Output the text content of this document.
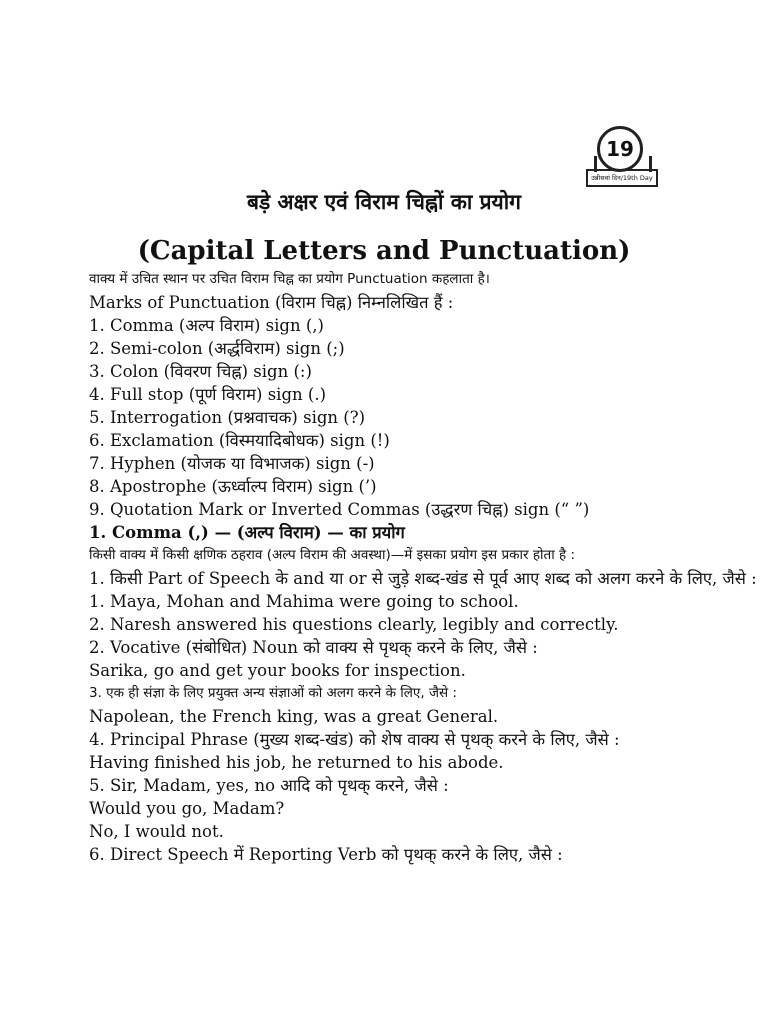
19
उन्नीसवां दिन/19th Day
बड़े अक्षर एवं विराम चिह्नों का प्रयोग
(Capital Letters and Punctuation)
वाक्य में उचित स्थान पर उचित विराम चिह्न का प्रयोग Punctuation कहलाता है।
Marks of Punctuation (विराम चिह्न) निम्नलिखित हैं :
1. Comma (अल्प विराम) sign (,)
2. Semi-colon (अर्द्धविराम) sign (;)
3. Colon (विवरण चिह्न) sign (:)
4. Full stop (पूर्ण विराम) sign (.)
5. Interrogation (प्रश्नवाचक) sign (?)
6. Exclamation (विस्मयादिबोधक) sign (!)
7. Hyphen (योजक या विभाजक) sign (-)
8. Apostrophe (ऊर्ध्वाल्प विराम) sign (’)
9. Quotation Mark or Inverted Commas (उद्धरण चिह्न) sign (“ ”)
1. Comma (,) — (अल्प विराम) — का प्रयोग
किसी वाक्य में किसी क्षणिक ठहराव (अल्प विराम की अवस्था)—में इसका प्रयोग इस प्रकार होता है :
1. किसी Part of Speech के and या or से जुड़े शब्द-खंड से पूर्व आए शब्द को अलग करने के लिए, जैसे :
1. Maya, Mohan and Mahima were going to school.
2. Naresh answered his questions clearly, legibly and correctly.
2. Vocative (संबोधित) Noun को वाक्य से पृथक् करने के लिए, जैसे :
Sarika, go and get your books for inspection.
3. एक ही संज्ञा के लिए प्रयुक्त अन्य संज्ञाओं को अलग करने के लिए, जैसे :
Napolean, the French king, was a great General.
4. Principal Phrase (मुख्य शब्द-खंड) को शेष वाक्य से पृथक् करने के लिए, जैसे :
Having finished his job, he returned to his abode.
5. Sir, Madam, yes, no आदि को पृथक् करने, जैसे :
Would you go, Madam?
No, I would not.
6. Direct Speech में Reporting Verb को पृथक् करने के लिए, जैसे :
